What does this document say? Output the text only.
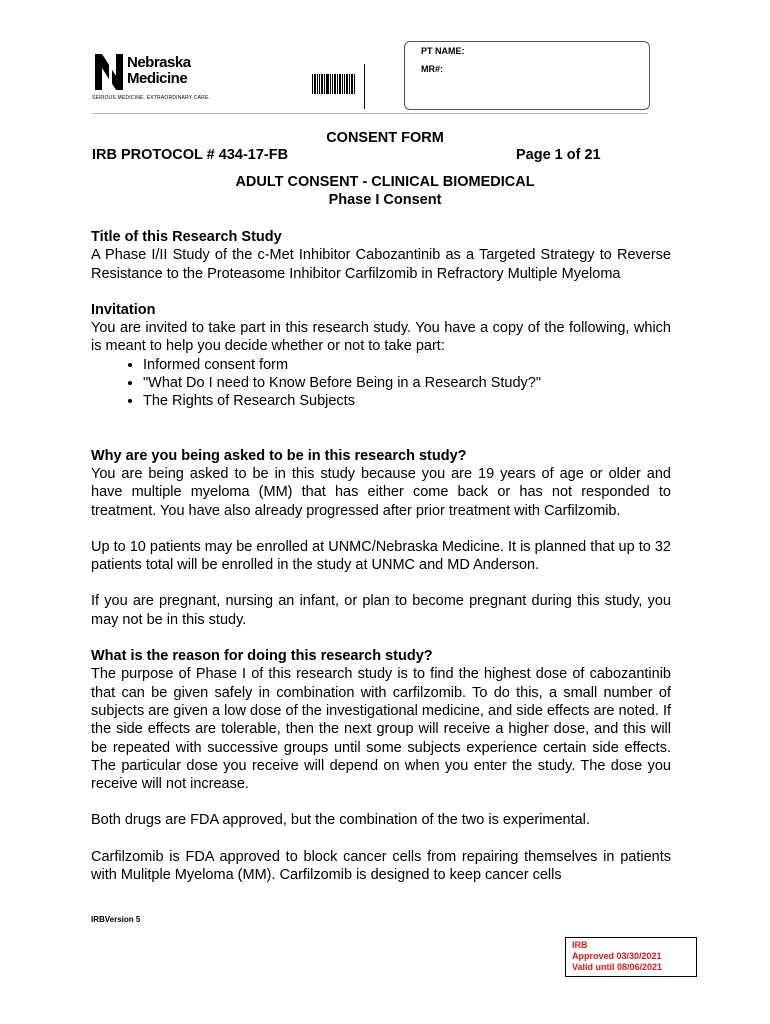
Nebraska
Medicine
SERIOUS MEDICINE. EXTRAORDINARY CARE.
PT NAME:
MR#:
CONSENT FORM
IRB PROTOCOL # 434-17-FB	Page 1 of 21
ADULT CONSENT - CLINICAL BIOMEDICAL
Phase I Consent
Title of this Research Study

A Phase I/II Study of the c-Met Inhibitor Cabozantinib as a Targeted Strategy to Reverse Resistance to the Proteasome Inhibitor Carfilzomib in Refractory Multiple Myeloma

Invitation

You are invited to take part in this research study. You have a copy of the following, which is meant to help you decide whether or not to take part:

• Informed consent form
• "What Do I need to Know Before Being in a Research Study?"
• The Rights of Research Subjects
Why are you being asked to be in this research study?

You are being asked to be in this study because you are 19 years of age or older and have multiple myeloma (MM) that has either come back or has not responded to treatment. You have also already progressed after prior treatment with Carfilzomib.

Up to 10 patients may be enrolled at UNMC/Nebraska Medicine. It is planned that up to 32 patients total will be enrolled in the study at UNMC and MD Anderson.

If you are pregnant, nursing an infant, or plan to become pregnant during this study, you may not be in this study.

What is the reason for doing this research study?

The purpose of Phase I of this research study is to find the highest dose of cabozantinib that can be given safely in combination with carfilzomib. To do this, a small number of subjects are given a low dose of the investigational medicine, and side effects are noted. If the side effects are tolerable, then the next group will receive a higher dose, and this will be repeated with successive groups until some subjects experience certain side effects. The particular dose you receive will depend on when you enter the study. The dose you receive will not increase.

Both drugs are FDA approved, but the combination of the two is experimental.

Carfilzomib is FDA approved to block cancer cells from repairing themselves in patients with Mulitple Myeloma (MM). Carfilzomib is designed to keep cancer cells

IRBVersion 5
IRB
Approved 03/30/2021
Valid until 08/06/2021
